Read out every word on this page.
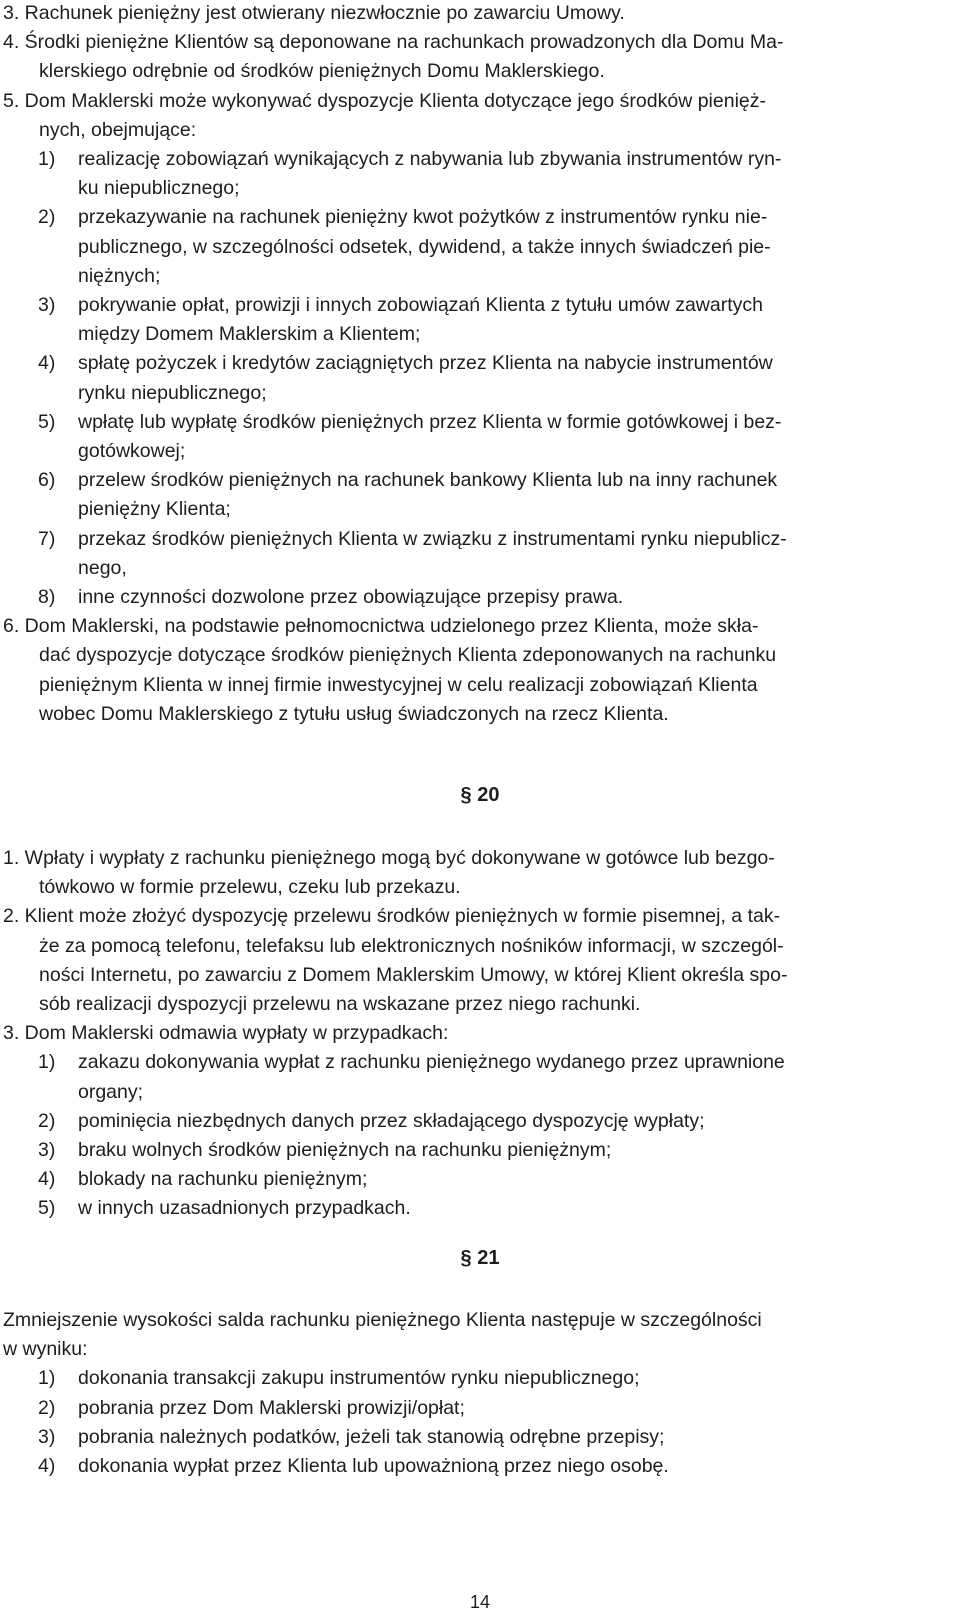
3. Rachunek pieniężny jest otwierany niezwłocznie po zawarciu Umowy.
4. Środki pieniężne Klientów są deponowane na rachunkach prowadzonych dla Domu Ma-
klerskiego odrębnie od środków pieniężnych Domu Maklerskiego.
5. Dom Maklerski może wykonywać dyspozycje Klienta dotyczące jego środków pienięż-
nych, obejmujące:
1) realizację zobowiązań wynikających z nabywania lub zbywania instrumentów ryn-
ku niepublicznego;
2) przekazywanie na rachunek pieniężny kwot pożytków z instrumentów rynku nie-
publicznego, w szczególności odsetek, dywidend, a także innych świadczeń pie-
niężnych;
3) pokrywanie opłat, prowizji i innych zobowiązań Klienta z tytułu umów zawartych
między Domem Maklerskim a Klientem;
4) spłatę pożyczek i kredytów zaciągniętych przez Klienta na nabycie instrumentów
rynku niepublicznego;
5) wpłatę lub wypłatę środków pieniężnych przez Klienta w formie gotówkowej i bez-
gotówkowej;
6) przelew środków pieniężnych na rachunek bankowy Klienta lub na inny rachunek
pieniężny Klienta;
7) przekaz środków pieniężnych Klienta w związku z instrumentami rynku niepublicz-
nego,
8) inne czynności dozwolone przez obowiązujące przepisy prawa.
6. Dom Maklerski, na podstawie pełnomocnictwa udzielonego przez Klienta, może skła-
dać dyspozycje dotyczące środków pieniężnych Klienta zdeponowanych na rachunku
pieniężnym Klienta w innej firmie inwestycyjnej w celu realizacji zobowiązań Klienta
wobec Domu Maklerskiego z tytułu usług świadczonych na rzecz Klienta.
§ 20
1. Wpłaty i wypłaty z rachunku pieniężnego mogą być dokonywane w gotówce lub bezgo-
tówkowo w formie przelewu, czeku lub przekazu.
2. Klient może złożyć dyspozycję przelewu środków pieniężnych w formie pisemnej, a tak-
że za pomocą telefonu, telefaksu lub elektronicznych nośników informacji, w szczegól-
ności Internetu, po zawarciu z Domem Maklerskim Umowy, w której Klient określa spo-
sób realizacji dyspozycji przelewu na wskazane przez niego rachunki.
3. Dom Maklerski odmawia wypłaty w przypadkach:
1) zakazu dokonywania wypłat z rachunku pieniężnego wydanego przez uprawnione
organy;
2) pominięcia niezbędnych danych przez składającego dyspozycję wypłaty;
3) braku wolnych środków pieniężnych na rachunku pieniężnym;
4) blokady na rachunku pieniężnym;
5) w innych uzasadnionych przypadkach.
§ 21
Zmniejszenie wysokości salda rachunku pieniężnego Klienta następuje w szczególności
w wyniku:
1) dokonania transakcji zakupu instrumentów rynku niepublicznego;
2) pobrania przez Dom Maklerski prowizji/opłat;
3) pobrania należnych podatków, jeżeli tak stanowią odrębne przepisy;
4) dokonania wypłat przez Klienta lub upoważnioną przez niego osobę.
14
